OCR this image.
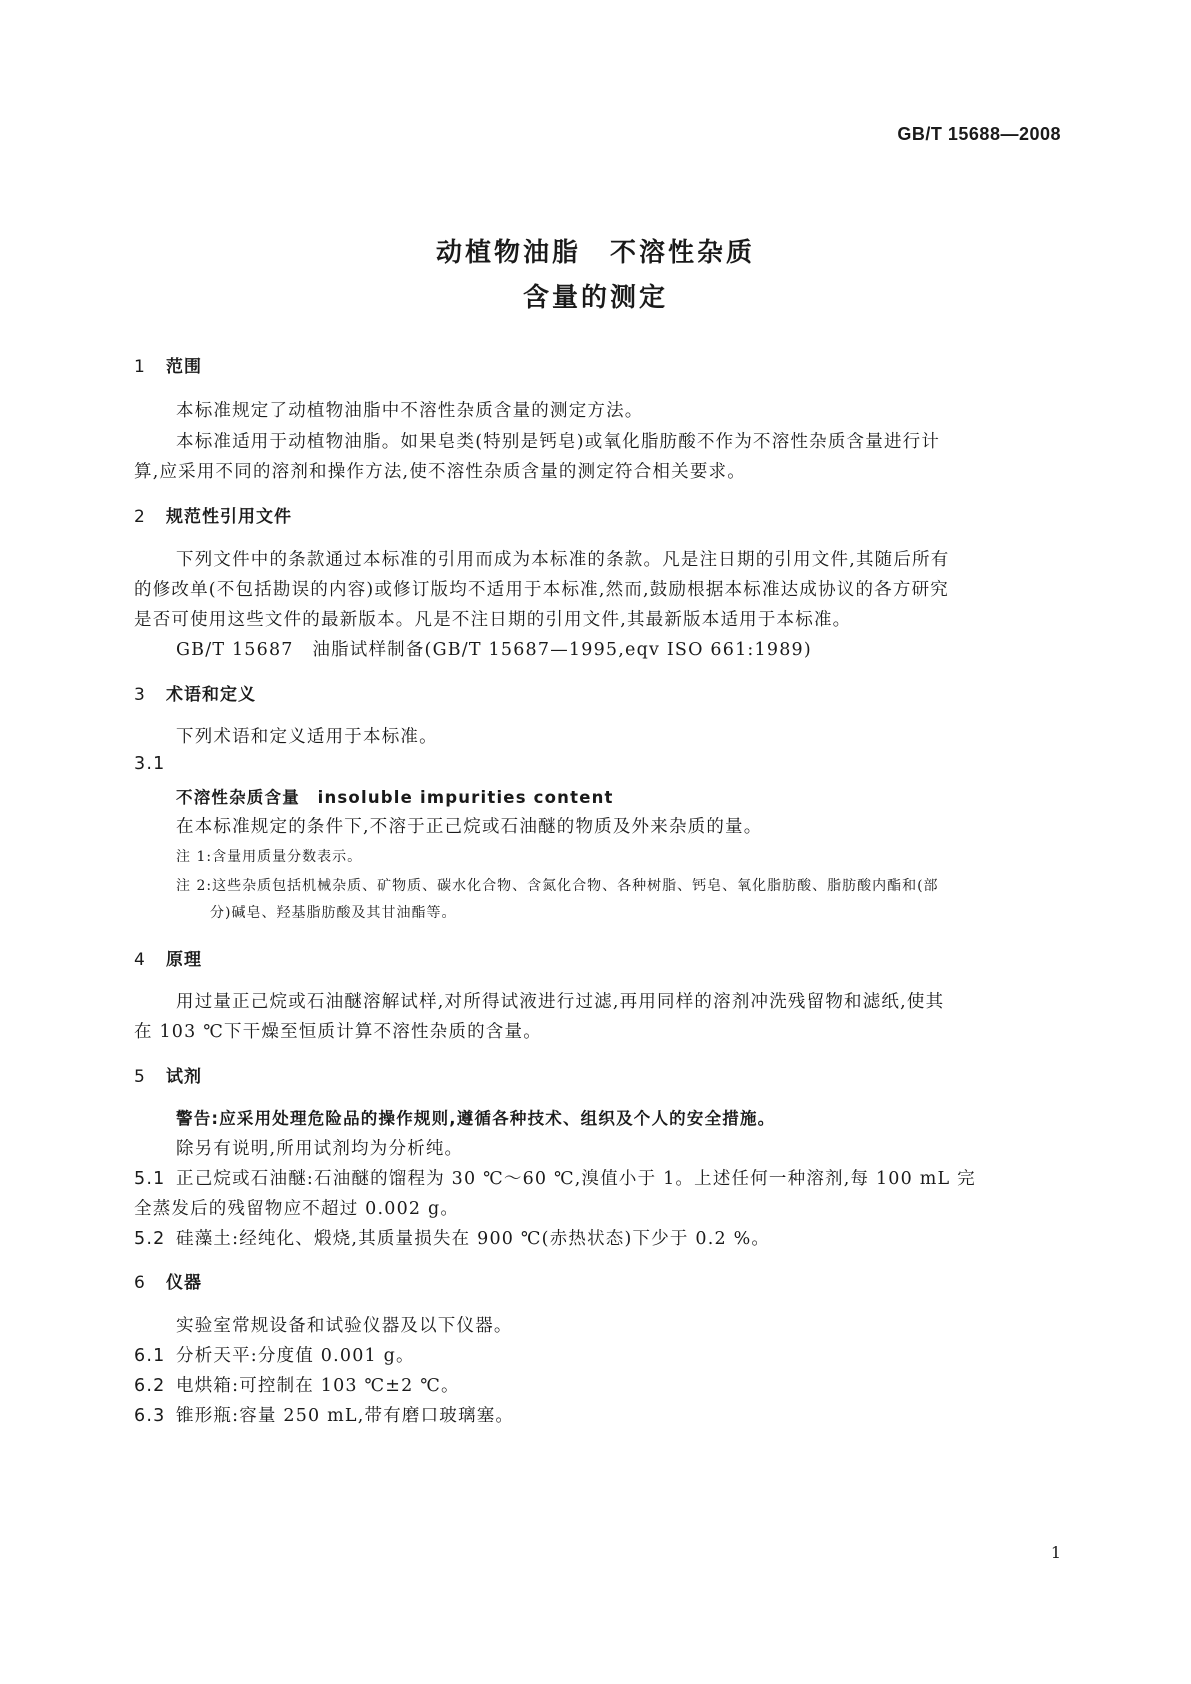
GB/T 15688—2008
动植物油脂　不溶性杂质
含量的测定
1 范围
本标准规定了动植物油脂中不溶性杂质含量的测定方法。
本标准适用于动植物油脂。如果皂类(特别是钙皂)或氧化脂肪酸不作为不溶性杂质含量进行计
算,应采用不同的溶剂和操作方法,使不溶性杂质含量的测定符合相关要求。
2 规范性引用文件
下列文件中的条款通过本标准的引用而成为本标准的条款。凡是注日期的引用文件,其随后所有
的修改单(不包括勘误的内容)或修订版均不适用于本标准,然而,鼓励根据本标准达成协议的各方研究
是否可使用这些文件的最新版本。凡是不注日期的引用文件,其最新版本适用于本标准。
GB/T 15687　油脂试样制备(GB/T 15687—1995,eqv ISO 661:1989)
3 术语和定义
下列术语和定义适用于本标准。
3.1
不溶性杂质含量　insoluble impurities content
在本标准规定的条件下,不溶于正己烷或石油醚的物质及外来杂质的量。
注 1:含量用质量分数表示。
注 2:这些杂质包括机械杂质、矿物质、碳水化合物、含氮化合物、各种树脂、钙皂、氧化脂肪酸、脂肪酸内酯和(部
分)碱皂、羟基脂肪酸及其甘油酯等。
4 原理
用过量正己烷或石油醚溶解试样,对所得试液进行过滤,再用同样的溶剂冲洗残留物和滤纸,使其
在 103 ℃下干燥至恒质计算不溶性杂质的含量。
5 试剂
警告:应采用处理危险品的操作规则,遵循各种技术、组织及个人的安全措施。
除另有说明,所用试剂均为分析纯。
5.1 正己烷或石油醚:石油醚的馏程为 30 ℃～60 ℃,溴值小于 1。上述任何一种溶剂,每 100 mL 完
全蒸发后的残留物应不超过 0.002 g。
5.2 硅藻土:经纯化、煅烧,其质量损失在 900 ℃(赤热状态)下少于 0.2 %。
6 仪器
实验室常规设备和试验仪器及以下仪器。
6.1 分析天平:分度值 0.001 g。
6.2 电烘箱:可控制在 103 ℃±2 ℃。
6.3 锥形瓶:容量 250 mL,带有磨口玻璃塞。
1
